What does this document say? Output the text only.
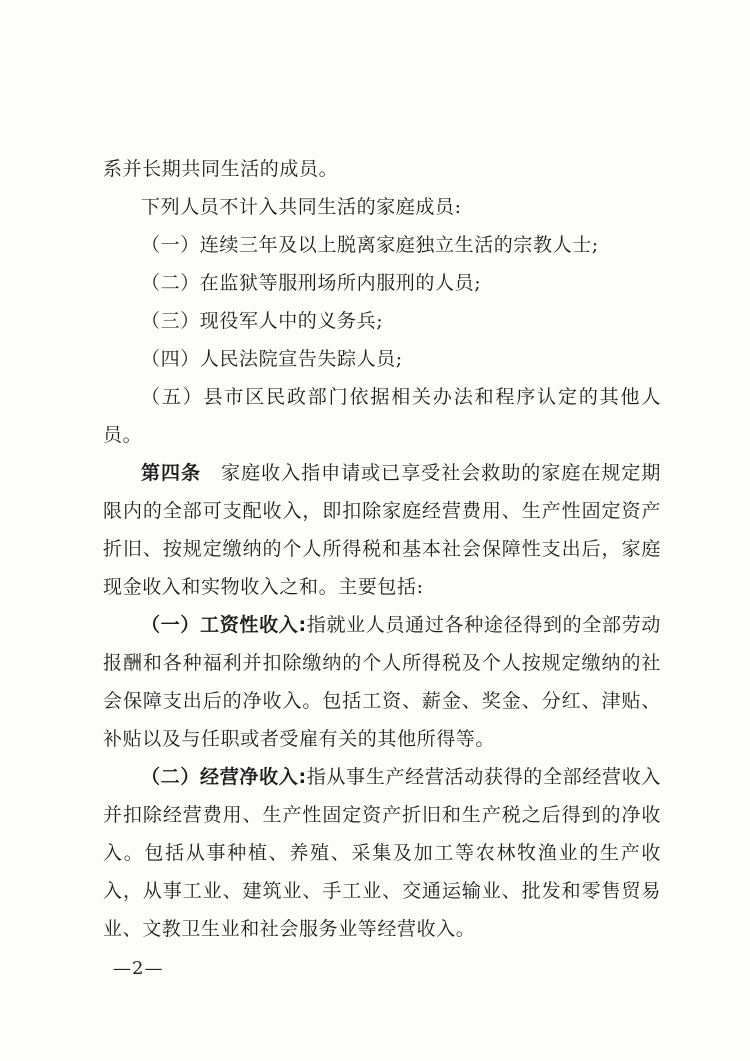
系并长期共同生活的成员。

下列人员不计入共同生活的家庭成员:

（一）连续三年及以上脱离家庭独立生活的宗教人士;

（二）在监狱等服刑场所内服刑的人员;

（三）现役军人中的义务兵;

（四）人民法院宣告失踪人员;

（五）县市区民政部门依据相关办法和程序认定的其他人员。

第四条　 家庭收入指申请或已享受社会救助的家庭在规定期限内的全部可支配收入，即扣除家庭经营费用、生产性固定资产折旧、按规定缴纳的个人所得税和基本社会保障性支出后，家庭现金收入和实物收入之和。主要包括:

（一）工资性收入:指就业人员通过各种途径得到的全部劳动报酬和各种福利并扣除缴纳的个人所得税及个人按规定缴纳的社会保障支出后的净收入。包括工资、薪金、奖金、分红、津贴、补贴以及与任职或者受雇有关的其他所得等。

（二）经营净收入:指从事生产经营活动获得的全部经营收入并扣除经营费用、生产性固定资产折旧和生产税之后得到的净收入。包括从事种植、养殖、采集及加工等农林牧渔业的生产收入，从事工业、建筑业、手工业、交通运输业、批发和零售贸易业、文教卫生业和社会服务业等经营收入。

—2—
